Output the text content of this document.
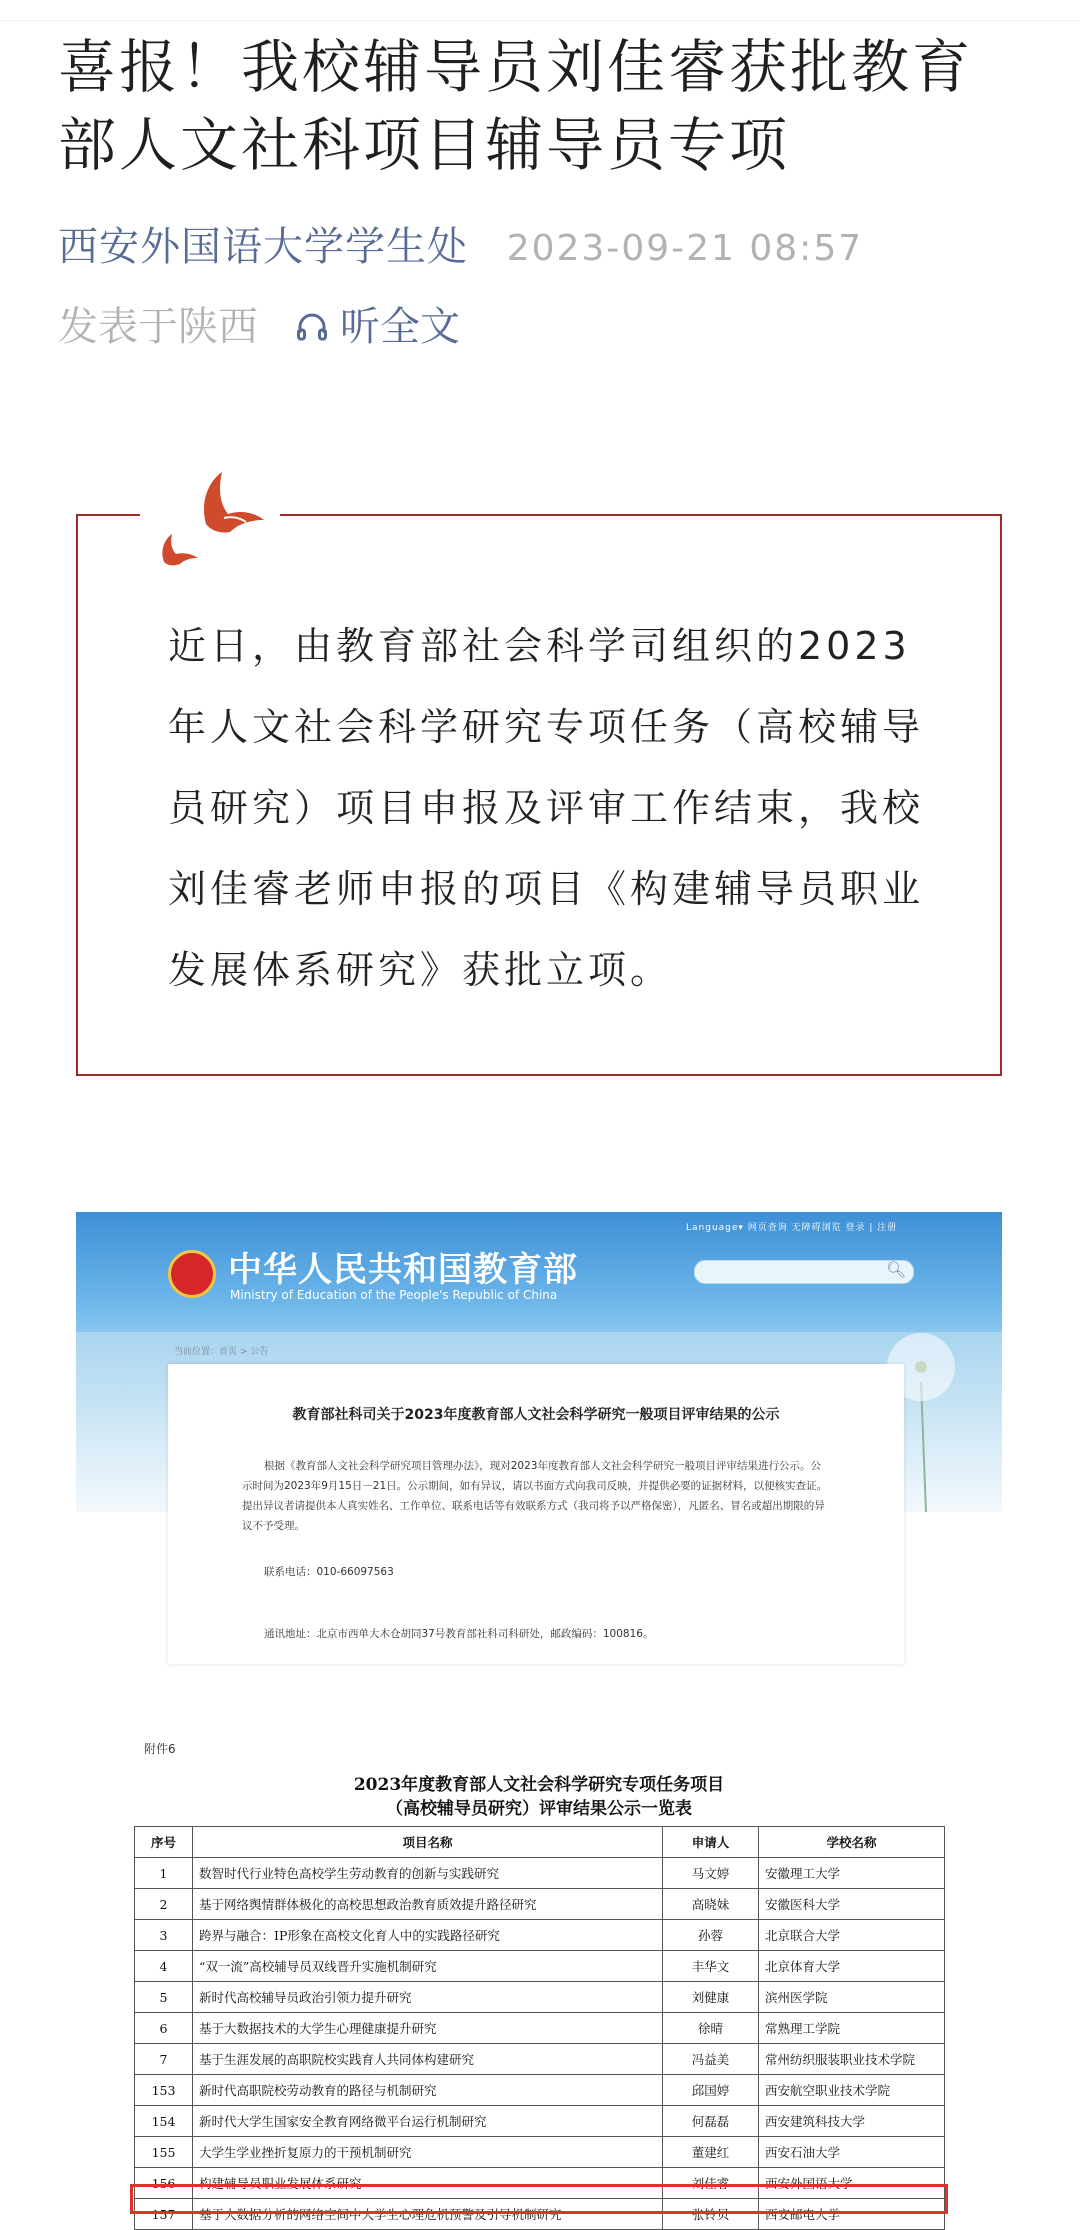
喜报！我校辅导员刘佳睿获批教育部人文社科项目辅导员专项
西安外国语大学学生处 2023-09-21 08:57
发表于陕西 听全文

近日，由教育部社会科学司组织的2023年人文社会科学研究专项任务（高校辅导员研究）项目申报及评审工作结束，我校刘佳睿老师申报的项目《构建辅导员职业发展体系研究》获批立项。

中华人民共和国教育部
Ministry of Education of the People's Republic of China
Language▾ 网页查询 无障碍浏览 登录 | 注册
🔍︎
当前位置：首页 > 公告
教育部社科司关于2023年度教育部人文社会科学研究一般项目评审结果的公示

根据《教育部人文社会科学研究项目管理办法》，现对2023年度教育部人文社会科学研究一般项目评审结果进行公示。公示时间为2023年9月15日－21日。公示期间，如有异议，请以书面方式向我司反映，并提供必要的证据材料，以便核实查证。提出异议者请提供本人真实姓名、工作单位、联系电话等有效联系方式（我司将予以严格保密），凡匿名、冒名或超出期限的异议不予受理。

联系电话：010-66097563
通讯地址：北京市西单大木仓胡同37号教育部社科司科研处，邮政编码：100816。
附件6
2023年度教育部人文社会科学研究专项任务项目
（高校辅导员研究）评审结果公示一览表
序号	项目名称	申请人	学校名称
1	数智时代行业特色高校学生劳动教育的创新与实践研究	马文婷	安徽理工大学
2	基于网络舆情群体极化的高校思想政治教育质效提升路径研究	高晓妹	安徽医科大学
3	跨界与融合：IP形象在高校文化育人中的实践路径研究	孙蓉	北京联合大学
4	“双一流”高校辅导员双线晋升实施机制研究	丰华文	北京体育大学
5	新时代高校辅导员政治引领力提升研究	刘健康	滨州医学院
6	基于大数据技术的大学生心理健康提升研究	徐晴	常熟理工学院
7	基于生涯发展的高职院校实践育人共同体构建研究	冯益美	常州纺织服装职业技术学院
153	新时代高职院校劳动教育的路径与机制研究	邱国婷	西安航空职业技术学院
154	新时代大学生国家安全教育网络微平台运行机制研究	何磊磊	西安建筑科技大学
155	大学生学业挫折复原力的干预机制研究	董建红	西安石油大学
156	构建辅导员职业发展体系研究	刘佳睿	西安外国语大学
157	基于大数据分析的网络空间中大学生心理危机预警及引导机制研究	张铃贝	西安邮电大学
